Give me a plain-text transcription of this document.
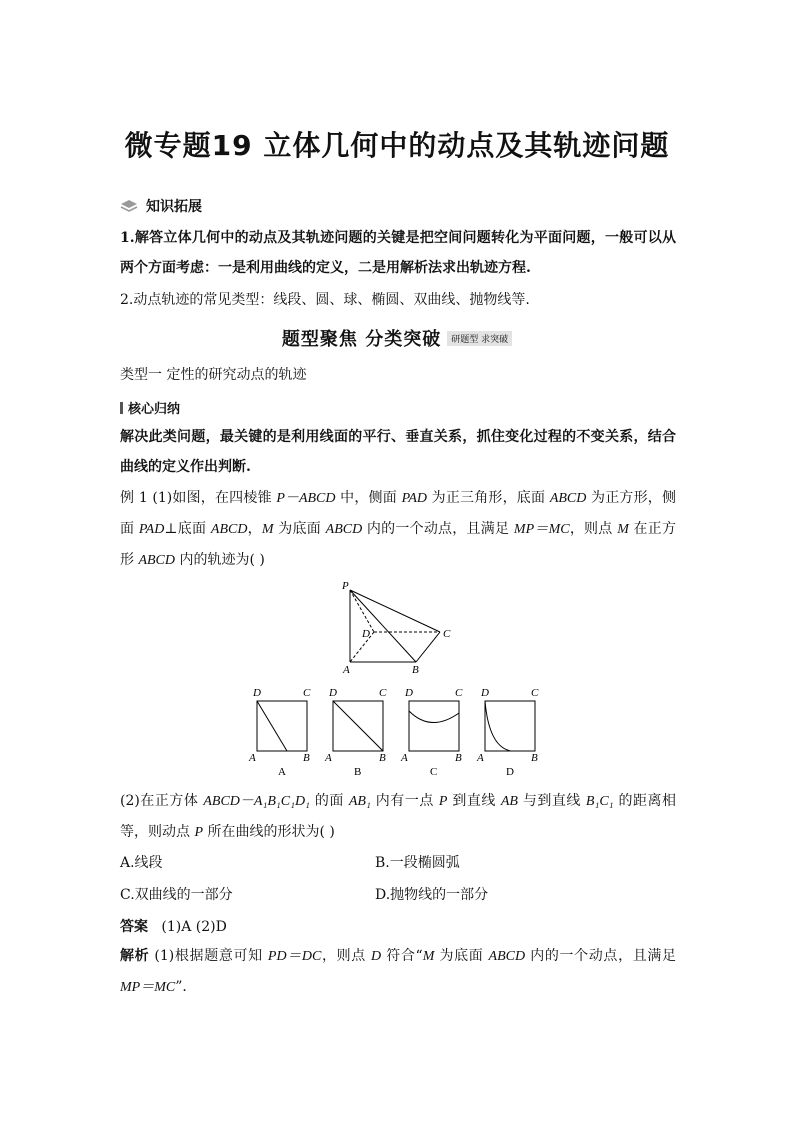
微专题19 立体几何中的动点及其轨迹问题
知识拓展
1.解答立体几何中的动点及其轨迹问题的关键是把空间问题转化为平面问题，一般可以从两个方面考虑：一是利用曲线的定义，二是用解析法求出轨迹方程.
2.动点轨迹的常见类型：线段、圆、球、椭圆、双曲线、抛物线等.
题型聚焦 分类突破 研题型 求突破
类型一 定性的研究动点的轨迹
核心归纳
解决此类问题，最关键的是利用线面的平行、垂直关系，抓住变化过程的不变关系，结合曲线的定义作出判断.
例 1 (1)如图，在四棱锥 P－ABCD 中，侧面 PAD 为正三角形，底面 ABCD 为正方形，侧面 PAD⊥底面 ABCD，M 为底面 ABCD 内的一个动点，且满足 MP＝MC，则点 M 在正方形 ABCD 内的轨迹为( )
P
D	C
A	B
D	C
A	B
A
D	C
A	B
B
D	C
A	B
C
D	C
A	B
D
(2)在正方体 ABCD－A₁B₁C₁D₁ 的面 AB₁ 内有一点 P 到直线 AB 与到直线 B₁C₁ 的距离相等，则动点 P 所在曲线的形状为( )
A.线段	B.一段椭圆弧
C.双曲线的一部分	D.抛物线的一部分
答案 (1)A (2)D
解析 (1)根据题意可知 PD＝DC，则点 D 符合“M 为底面 ABCD 内的一个动点，且满足 MP＝MC”．
